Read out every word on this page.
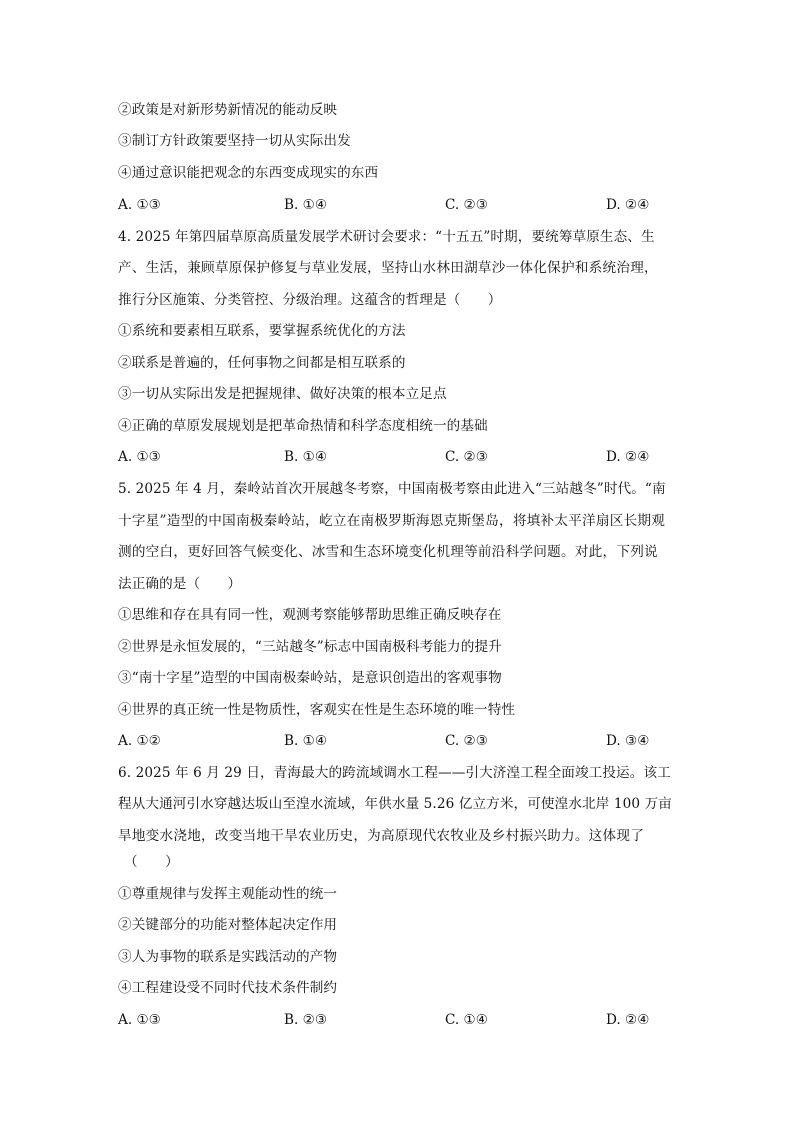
②政策是对新形势新情况的能动反映
③制订方针政策要坚持一切从实际出发
④通过意识能把观念的东西变成现实的东西
A. ①③	B. ①④	C. ②③	D. ②④
4. 2025 年第四届草原高质量发展学术研讨会要求：“十五五”时期，要统筹草原生态、生
产、生活，兼顾草原保护修复与草业发展，坚持山水林田湖草沙一体化保护和系统治理，
推行分区施策、分类管控、分级治理。这蕴含的哲理是（　　）
①系统和要素相互联系，要掌握系统优化的方法
②联系是普遍的，任何事物之间都是相互联系的
③一切从实际出发是把握规律、做好决策的根本立足点
④正确的草原发展规划是把革命热情和科学态度相统一的基础
A. ①③	B. ①④	C. ②③	D. ②④
5. 2025 年 4 月，秦岭站首次开展越冬考察，中国南极考察由此进入“三站越冬”时代。“南
十字星”造型的中国南极秦岭站，屹立在南极罗斯海恩克斯堡岛，将填补太平洋扇区长期观
测的空白，更好回答气候变化、冰雪和生态环境变化机理等前沿科学问题。对此，下列说
法正确的是（　　）
①思维和存在具有同一性，观测考察能够帮助思维正确反映存在
②世界是永恒发展的，“三站越冬”标志中国南极科考能力的提升
③“南十字星”造型的中国南极秦岭站，是意识创造出的客观事物
④世界的真正统一性是物质性，客观实在性是生态环境的唯一特性
A. ①②	B. ①④	C. ②③	D. ③④
6. 2025 年 6 月 29 日，青海最大的跨流域调水工程——引大济湟工程全面竣工投运。该工
程从大通河引水穿越达坂山至湟水流域，年供水量 5.26 亿立方米，可使湟水北岸 100 万亩
旱地变水浇地，改变当地干旱农业历史，为高原现代农牧业及乡村振兴助力。这体现了
（　　）
①尊重规律与发挥主观能动性的统一
②关键部分的功能对整体起决定作用
③人为事物的联系是实践活动的产物
④工程建设受不同时代技术条件制约
A. ①③	B. ②③	C. ①④	D. ②④
